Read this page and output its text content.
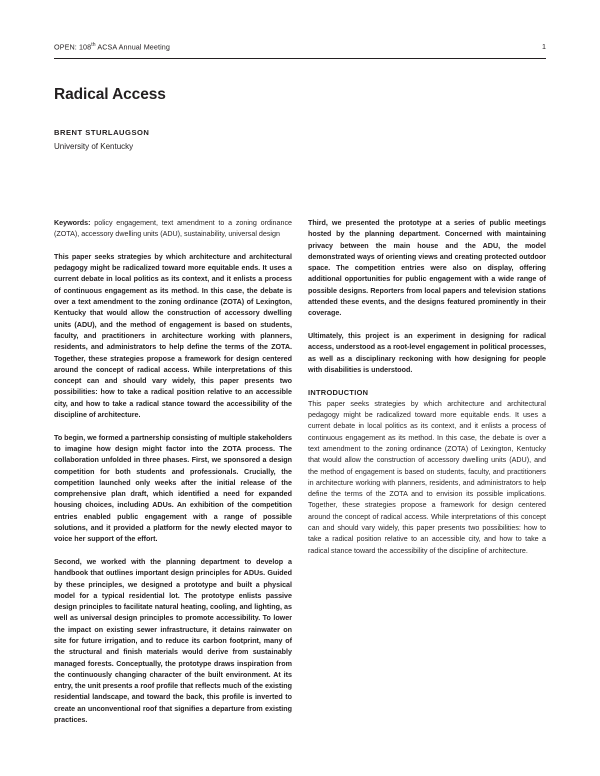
OPEN: 108th ACSA Annual Meeting	1
Radical Access
BRENT STURLAUGSON
University of Kentucky

Keywords: policy engagement, text amendment to a zoning ordinance (ZOTA), accessory dwelling units (ADU), sustainability, universal design

This paper seeks strategies by which architecture and architectural pedagogy might be radicalized toward more equitable ends. It uses a current debate in local politics as its context, and it enlists a process of continuous engagement as its method. In this case, the debate is over a text amendment to the zoning ordinance (ZOTA) of Lexington, Kentucky that would allow the construction of accessory dwelling units (ADU), and the method of engagement is based on students, faculty, and practitioners in architecture working with planners, residents, and administrators to help define the terms of the ZOTA. Together, these strategies propose a framework for design centered around the concept of radical access. While interpretations of this concept can and should vary widely, this paper presents two possibilities: how to take a radical position relative to an accessible city, and how to take a radical stance toward the accessibility of the discipline of architecture.

To begin, we formed a partnership consisting of multiple stakeholders to imagine how design might factor into the ZOTA process. The collaboration unfolded in three phases. First, we sponsored a design competition for both students and professionals. Crucially, the competition launched only weeks after the initial release of the comprehensive plan draft, which identified a need for expanded housing choices, including ADUs. An exhibition of the competition entries enabled public engagement with a range of possible solutions, and it provided a platform for the newly elected mayor to voice her support of the effort.

Second, we worked with the planning department to develop a handbook that outlines important design principles for ADUs. Guided by these principles, we designed a prototype and built a physical model for a typical residential lot. The prototype enlists passive design principles to facilitate natural heating, cooling, and lighting, as well as universal design principles to promote accessibility. To lower the impact on existing sewer infrastructure, it detains rainwater on site for future irrigation, and to reduce its carbon footprint, many of the structural and finish materials would derive from sustainably managed forests. Conceptually, the prototype draws inspiration from the continuously changing character of the built environment. At its entry, the unit presents a roof profile that reflects much of the existing residential landscape, and toward the back, this profile is inverted to create an unconventional roof that signifies a departure from existing practices.

Third, we presented the prototype at a series of public meetings hosted by the planning department. Concerned with maintaining privacy between the main house and the ADU, the model demonstrated ways of orienting views and creating protected outdoor space. The competition entries were also on display, offering additional opportunities for public engagement with a wide range of possible designs. Reporters from local papers and television stations attended these events, and the designs featured prominently in their coverage.

Ultimately, this project is an experiment in designing for radical access, understood as a root-level engagement in political processes, as well as a disciplinary reckoning with how designing for people with disabilities is understood.

INTRODUCTION

This paper seeks strategies by which architecture and architectural pedagogy might be radicalized toward more equitable ends. It uses a current debate in local politics as its context, and it enlists a process of continuous engagement as its method. In this case, the debate is over a text amendment to the zoning ordinance (ZOTA) of Lexington, Kentucky that would allow the construction of accessory dwelling units (ADU), and the method of engagement is based on students, faculty, and practitioners in architecture working with planners, residents, and administrators to help define the terms of the ZOTA and to envision its possible implications. Together, these strategies propose a framework for design centered around the concept of radical access. While interpretations of this concept can and should vary widely, this paper presents two possibilities: how to take a radical position relative to an accessible city, and how to take a radical stance toward the accessibility of the discipline of architecture.
